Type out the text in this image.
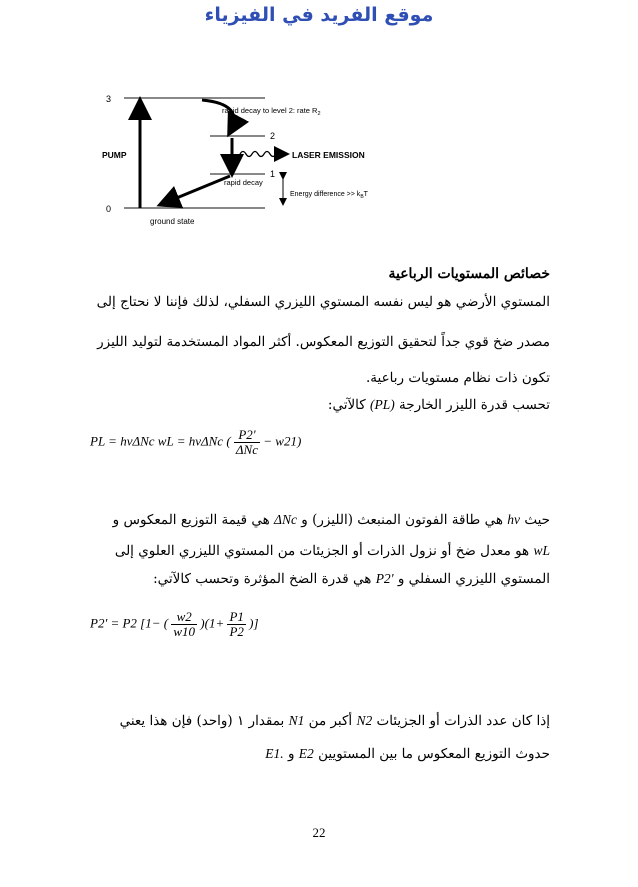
موقع الفريد في الفيزياء
3
2
1
0
PUMP
rapid decay to level 2: rate $R_2$
LASER EMISSION
rapid decay
Energy difference >> $k_BT$
ground state
خصائص المستويات الرباعية
المستوي الأرضي هو ليس نفسه المستوي الليزري السفلي، لذلك فإننا لا نحتاج إلى
مصدر ضخ قوي جداً لتحقيق التوزيع المعكوس. أكثر المواد المستخدمة لتوليد الليزر
تكون ذات نظام مستويات رباعية.
تحسب قدرة الليزر الخارجة (PL) كالآتي:
PL = hνΔNc wL = hνΔNc ( $\frac{P2'}{\text{ΔNc}} - w21$)
حيث hν هي طاقة الفوتون المنبعث (الليزر) و ΔNc هي قيمة التوزيع المعكوس و
wL هو معدل ضخ أو نزول الذرات أو الجزيئات من المستوي الليزري العلوي إلى
المستوي الليزري السفلي و P2' هي قدرة الضخ المؤثرة وتحسب كالآتي:
P2' = P2 [1− ( $\frac{w2}{w10} )(1+ \frac{P1}{P2}$ )]
إذا كان عدد الذرات أو الجزيئات N2 أكبر من N1 بمقدار ١ (واحد) فإن هذا يعني
حدوث التوزيع المعكوس ما بين المستويين E2 و E1.
22
